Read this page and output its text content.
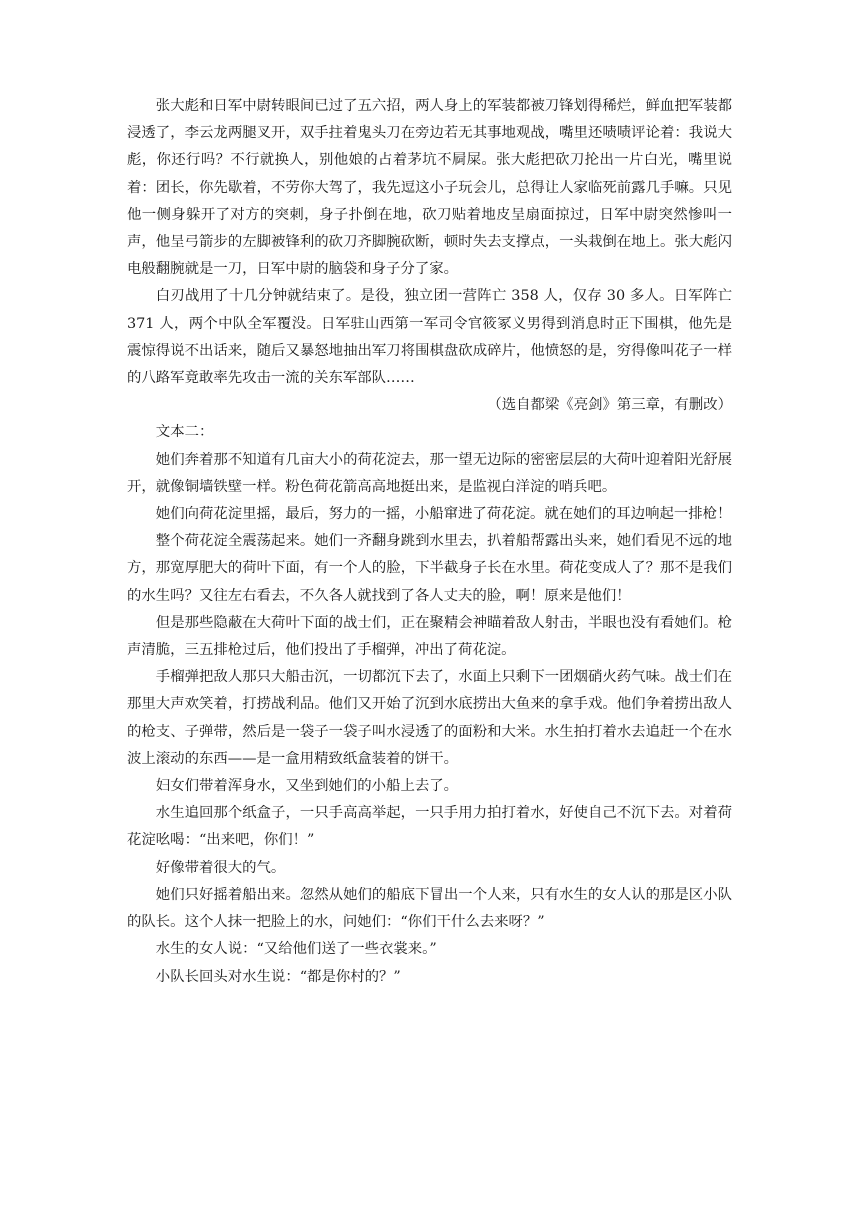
张大彪和日军中尉转眼间已过了五六招，两人身上的军装都被刀锋划得稀烂，鲜血把军装都浸透了，李云龙两腿叉开，双手拄着鬼头刀在旁边若无其事地观战，嘴里还啧啧评论着：我说大彪，你还行吗？不行就换人，别他娘的占着茅坑不屙屎。张大彪把砍刀抡出一片白光，嘴里说着：团长，你先歇着，不劳你大驾了，我先逗这小子玩会儿，总得让人家临死前露几手嘛。只见他一侧身躲开了对方的突刺，身子扑倒在地，砍刀贴着地皮呈扇面掠过，日军中尉突然惨叫一声，他呈弓箭步的左脚被锋利的砍刀齐脚腕砍断，顿时失去支撑点，一头栽倒在地上。张大彪闪电般翻腕就是一刀，日军中尉的脑袋和身子分了家。

白刃战用了十几分钟就结束了。是役，独立团一营阵亡 358 人，仅存 30 多人。日军阵亡 371 人，两个中队全军覆没。日军驻山西第一军司令官筱冢义男得到消息时正下围棋，他先是震惊得说不出话来，随后又暴怒地抽出军刀将围棋盘砍成碎片，他愤怒的是，穷得像叫花子一样的八路军竟敢率先攻击一流的关东军部队……

（选自都梁《亮剑》第三章，有删改）

文本二：

她们奔着那不知道有几亩大小的荷花淀去，那一望无边际的密密层层的大荷叶迎着阳光舒展开，就像铜墙铁壁一样。粉色荷花箭高高地挺出来，是监视白洋淀的哨兵吧。

她们向荷花淀里摇，最后，努力的一摇，小船窜进了荷花淀。就在她们的耳边响起一排枪！

整个荷花淀全震荡起来。她们一齐翻身跳到水里去，扒着船帮露出头来，她们看见不远的地方，那宽厚肥大的荷叶下面，有一个人的脸，下半截身子长在水里。荷花变成人了？那不是我们的水生吗？又往左右看去，不久各人就找到了各人丈夫的脸，啊！原来是他们！

但是那些隐蔽在大荷叶下面的战士们，正在聚精会神瞄着敌人射击，半眼也没有看她们。枪声清脆，三五排枪过后，他们投出了手榴弹，冲出了荷花淀。

手榴弹把敌人那只大船击沉，一切都沉下去了，水面上只剩下一团烟硝火药气味。战士们在那里大声欢笑着，打捞战利品。他们又开始了沉到水底捞出大鱼来的拿手戏。他们争着捞出敌人的枪支、子弹带，然后是一袋子一袋子叫水浸透了的面粉和大米。水生拍打着水去追赶一个在水波上滚动的东西——是一盒用精致纸盒装着的饼干。

妇女们带着浑身水，又坐到她们的小船上去了。

水生追回那个纸盒子，一只手高高举起，一只手用力拍打着水，好使自己不沉下去。对着荷花淀吆喝：“出来吧，你们！”

好像带着很大的气。

她们只好摇着船出来。忽然从她们的船底下冒出一个人来，只有水生的女人认的那是区小队的队长。这个人抹一把脸上的水，问她们：“你们干什么去来呀？”

水生的女人说：“又给他们送了一些衣裳来。”

小队长回头对水生说：“都是你村的？”
